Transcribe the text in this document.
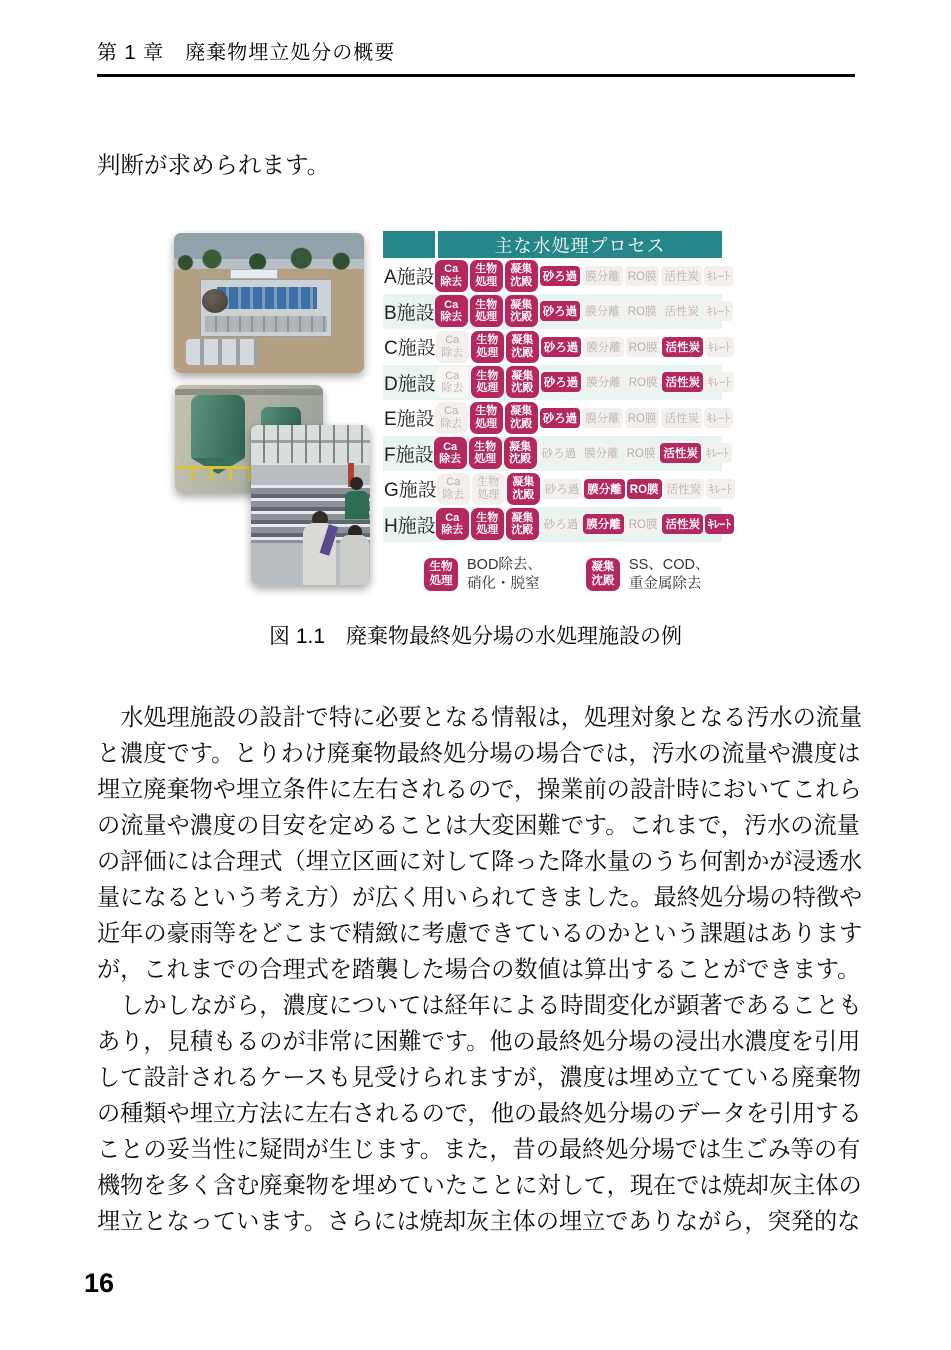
第 1 章　廃棄物埋立処分の概要
判断が求められます。
主な水処理プロセス
A施設 Ca
除去
生物
処理
凝集
沈殿 砂ろ過 膜分離 RO膜 活性炭 ｷﾚｰﾄ
B施設 Ca
除去
生物
処理
凝集
沈殿 砂ろ過 膜分離 RO膜 活性炭 ｷﾚｰﾄ
C施設 Ca
除去
生物
処理
凝集
沈殿 砂ろ過 膜分離 RO膜 活性炭 ｷﾚｰﾄ
D施設 Ca
除去
生物
処理
凝集
沈殿 砂ろ過 膜分離 RO膜 活性炭 ｷﾚｰﾄ
E施設 Ca
除去
生物
処理
凝集
沈殿 砂ろ過 膜分離 RO膜 活性炭 ｷﾚｰﾄ
F施設 Ca
除去
生物
処理
凝集
沈殿 砂ろ過 膜分離 RO膜 活性炭 ｷﾚｰﾄ
G施設 Ca
除去
生物
処理
凝集
沈殿 砂ろ過 膜分離 RO膜 活性炭 ｷﾚｰﾄ
H施設 Ca
除去
生物
処理
凝集
沈殿 砂ろ過 膜分離 RO膜 活性炭 ｷﾚｰﾄ
生物
処理
BOD除去、
硝化・脱窒
凝集
沈殿
SS、COD、
重金属除去
図 1.1　廃棄物最終処分場の水処理施設の例
水処理施設の設計で特に必要となる情報は，処理対象となる汚水の流量
と濃度です。とりわけ廃棄物最終処分場の場合では，汚水の流量や濃度は
埋立廃棄物や埋立条件に左右されるので，操業前の設計時においてこれら
の流量や濃度の目安を定めることは大変困難です。これまで，汚水の流量
の評価には合理式（埋立区画に対して降った降水量のうち何割かが浸透水
量になるという考え方）が広く用いられてきました。最終処分場の特徴や
近年の豪雨等をどこまで精緻に考慮できているのかという課題はあります
が，これまでの合理式を踏襲した場合の数値は算出することができます。
しかしながら，濃度については経年による時間変化が顕著であることも
あり，見積もるのが非常に困難です。他の最終処分場の浸出水濃度を引用
して設計されるケースも見受けられますが，濃度は埋め立てている廃棄物
の種類や埋立方法に左右されるので，他の最終処分場のデータを引用する
ことの妥当性に疑問が生じます。また，昔の最終処分場では生ごみ等の有
機物を多く含む廃棄物を埋めていたことに対して，現在では焼却灰主体の
埋立となっています。さらには焼却灰主体の埋立でありながら，突発的な
16
